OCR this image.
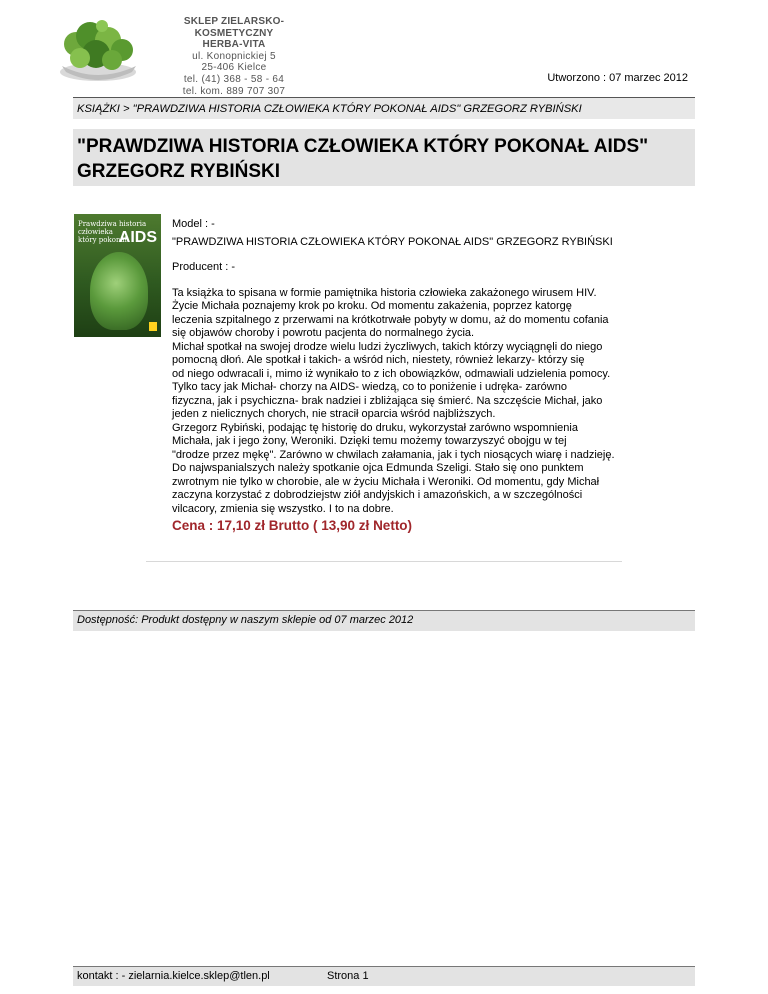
SKLEP ZIELARSKO-KOSMETYCZNY
HERBA-VITA
ul. Konopnickiej 5
25-406 Kielce
tel. (41) 368 - 58 - 64
tel. kom. 889 707 307
Utworzono : 07 marzec 2012
KSIĄŻKI > "PRAWDZIWA HISTORIA CZŁOWIEKA KTÓRY POKONAŁ AIDS" GRZEGORZ RYBIŃSKI
"PRAWDZIWA HISTORIA CZŁOWIEKA KTÓRY POKONAŁ AIDS" GRZEGORZ RYBIŃSKI
Prawdziwa historia
człowieka
który pokonał
AIDS

Model : -

"PRAWDZIWA HISTORIA CZŁOWIEKA KTÓRY POKONAŁ AIDS" GRZEGORZ RYBIŃSKI

Producent : -

Ta książka to spisana w formie pamiętnika historia człowieka zakażonego wirusem HIV.
Życie Michała poznajemy krok po kroku. Od momentu zakażenia, poprzez katorgę
leczenia szpitalnego z przerwami na krótkotrwałe pobyty w domu, aż do momentu cofania
się objawów choroby i powrotu pacjenta do normalnego życia.
Michał spotkał na swojej drodze wielu ludzi życzliwych, takich którzy wyciągnęli do niego
pomocną dłoń. Ale spotkał i takich- a wśród nich, niestety, również lekarzy- którzy się
od niego odwracali i, mimo iż wynikało to z ich obowiązków, odmawiali udzielenia pomocy.
Tylko tacy jak Michał- chorzy na AIDS- wiedzą, co to poniżenie i udręka- zarówno
fizyczna, jak i psychiczna- brak nadziei i zbliżająca się śmierć. Na szczęście Michał, jako
jeden z nielicznych chorych, nie stracił oparcia wśród najbliższych.
Grzegorz Rybiński, podając tę historię do druku, wykorzystał zarówno wspomnienia
Michała, jak i jego żony, Weroniki. Dzięki temu możemy towarzyszyć obojgu w tej
"drodze przez mękę". Zarówno w chwilach załamania, jak i tych niosących wiarę i nadzieję.
Do najwspanialszych należy spotkanie ojca Edmunda Szeligi. Stało się ono punktem
zwrotnym nie tylko w chorobie, ale w życiu Michała i Weroniki. Od momentu, gdy Michał
zaczyna korzystać z dobrodziejstw ziół andyjskich i amazońskich, a w szczególności
vilcacory, zmienia się wszystko. I to na dobre.

Cena : 17,10 zł Brutto ( 13,90 zł Netto)

Dostępność: Produkt dostępny w naszym sklepie od 07 marzec 2012
kontakt : - zielarnia.kielce.sklep@tlen.pl	Strona 1
